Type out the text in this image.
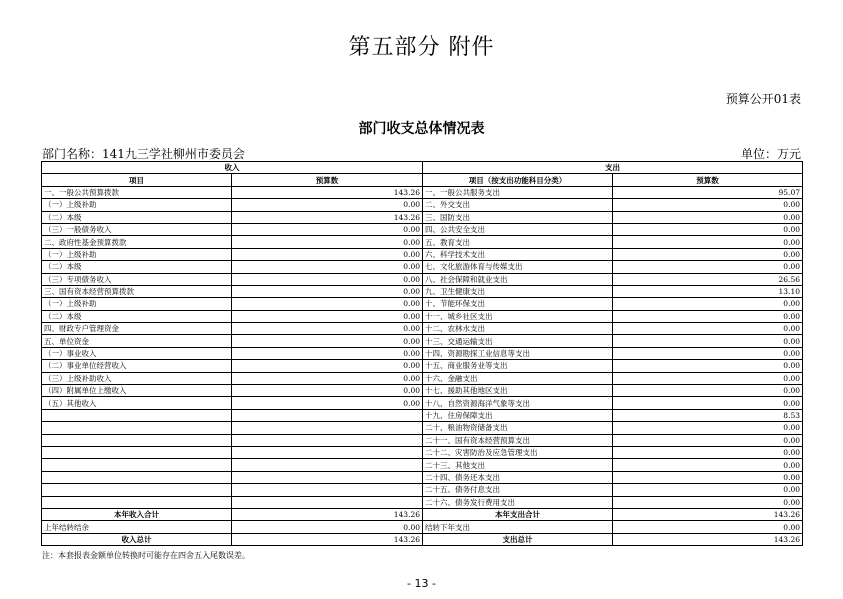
第五部分 附件
预算公开01表
部门收支总体情况表
部门名称：141九三学社柳州市委员会	单位：万元
收入		支出	
项目	预算数	项目（按支出功能科目分类）	预算数
一、一般公共预算拨款	143.26	一、一般公共服务支出	95.07
（一）上级补助	0.00	二、外交支出	0.00
（二）本级	143.26	三、国防支出	0.00
（三）一般债务收入	0.00	四、公共安全支出	0.00
二、政府性基金预算拨款	0.00	五、教育支出	0.00
（一）上级补助	0.00	六、科学技术支出	0.00
（二）本级	0.00	七、文化旅游体育与传媒支出	0.00
（三）专项债务收入	0.00	八、社会保障和就业支出	26.56
三、国有资本经营预算拨款	0.00	九、卫生健康支出	13.10
（一）上级补助	0.00	十、节能环保支出	0.00
（二）本级	0.00	十一、城乡社区支出	0.00
四、财政专户管理资金	0.00	十二、农林水支出	0.00
五、单位资金	0.00	十三、交通运输支出	0.00
（一）事业收入	0.00	十四、资源勘探工业信息等支出	0.00
（二）事业单位经营收入	0.00	十五、商业服务业等支出	0.00
（三）上级补助收入	0.00	十六、金融支出	0.00
（四）附属单位上缴收入	0.00	十七、援助其他地区支出	0.00
（五）其他收入	0.00	十八、自然资源海洋气象等支出	0.00
		十九、住房保障支出	8.53
		二十、粮油物资储备支出	0.00
		二十一、国有资本经营预算支出	0.00
		二十二、灾害防治及应急管理支出	0.00
		二十三、其他支出	0.00
		二十四、债务还本支出	0.00
		二十五、债务付息支出	0.00
		二十六、债务发行费用支出	0.00
本年收入合计	143.26	本年支出合计	143.26
上年结转结余	0.00	结转下年支出	0.00
收入总计	143.26	支出总计	143.26
注：本套报表金额单位转换时可能存在四舍五入尾数误差。
- 13 -
